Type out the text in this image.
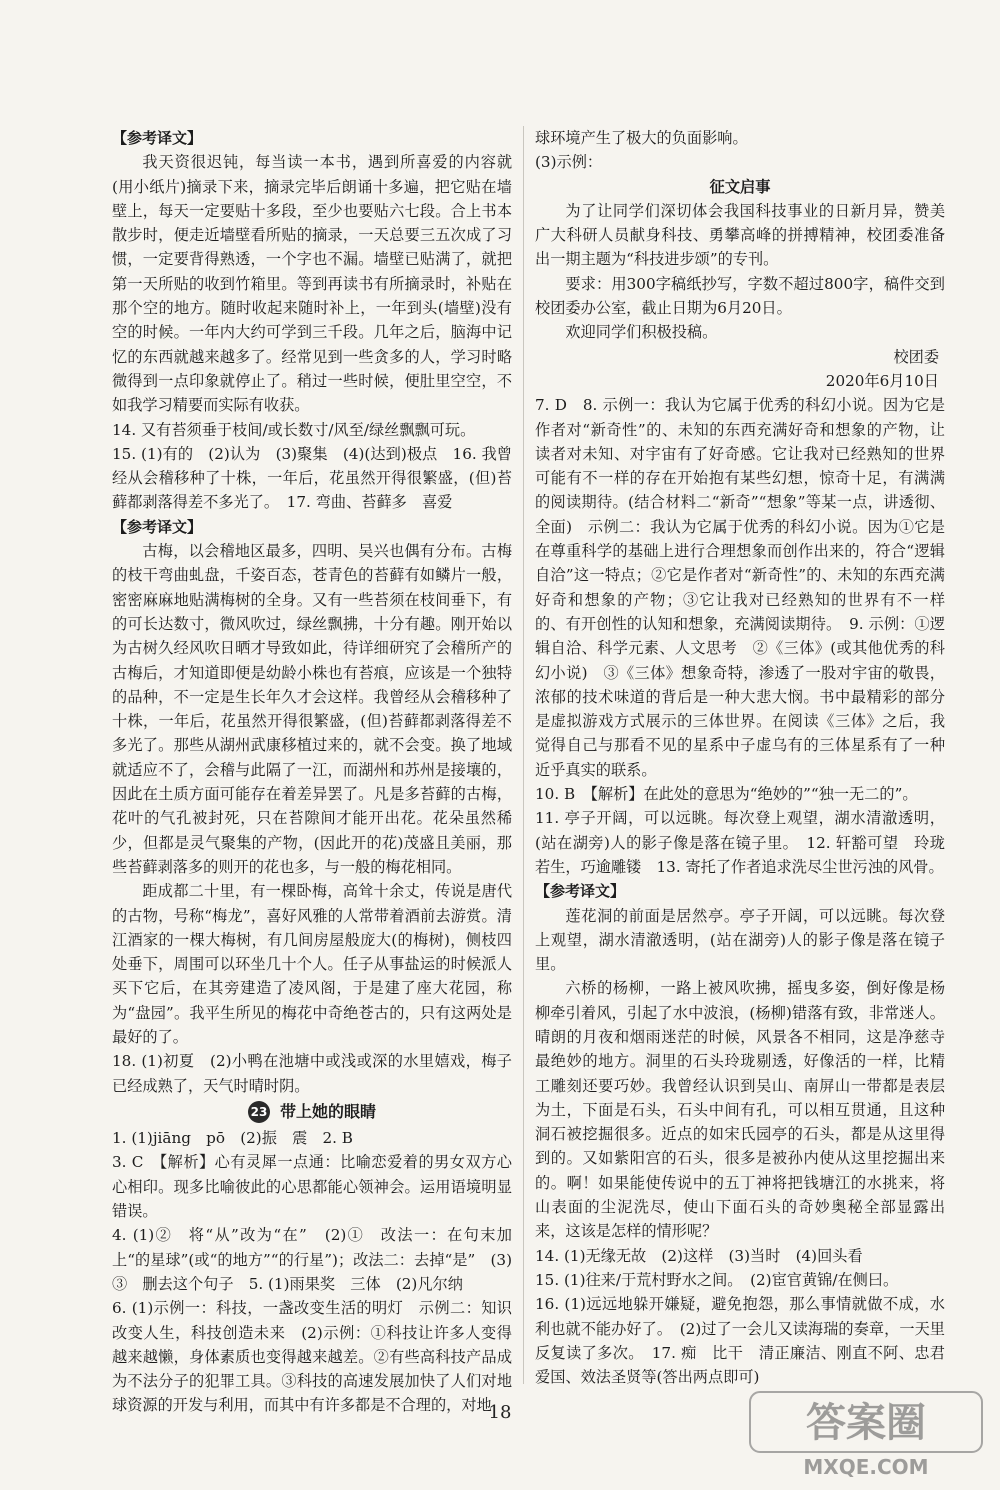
【参考译文】

我天资很迟钝，每当读一本书，遇到所喜爱的内容就(用小纸片)摘录下来，摘录完毕后朗诵十多遍，把它贴在墙壁上，每天一定要贴十多段，至少也要贴六七段。合上书本散步时，便走近墙壁看所贴的摘录，一天总要三五次成了习惯，一定要背得熟透，一个字也不漏。墙壁已贴满了，就把第一天所贴的收到竹箱里。等到再读书有所摘录时，补贴在那个空的地方。随时收起来随时补上，一年到头(墙壁)没有空的时候。一年内大约可学到三千段。几年之后，脑海中记忆的东西就越来越多了。经常见到一些贪多的人，学习时略微得到一点印象就停止了。稍过一些时候，便肚里空空，不如我学习精要而实际有收获。

14. 又有苔须垂于枝间/或长数寸/风至/绿丝飘飘可玩。

15. (1)有的　(2)认为　(3)聚集　(4)(达到)极点　16. 我曾经从会稽移种了十株，一年后，花虽然开得很繁盛，(但)苔藓都剥落得差不多光了。　17. 弯曲、苔藓多　喜爱

【参考译文】

古梅，以会稽地区最多，四明、吴兴也偶有分布。古梅的枝干弯曲虬盘，千姿百态，苍青色的苔藓有如鳞片一般，密密麻麻地贴满梅树的全身。又有一些苔须在枝间垂下，有的可长达数寸，微风吹过，绿丝飘拂，十分有趣。刚开始以为古树久经风吹日晒才导致如此，待详细研究了会稽所产的古梅后，才知道即便是幼龄小株也有苔痕，应该是一个独特的品种，不一定是生长年久才会这样。我曾经从会稽移种了十株，一年后，花虽然开得很繁盛，(但)苔藓都剥落得差不多光了。那些从湖州武康移植过来的，就不会变。换了地域就适应不了，会稽与此隔了一江，而湖州和苏州是接壤的，因此在土质方面可能存在着差异罢了。凡是多苔藓的古梅，花叶的气孔被封死，只在苔隙间才能开出花。花朵虽然稀少，但都是灵气聚集的产物，(因此开的花)茂盛且美丽，那些苔藓剥落多的则开的花也多，与一般的梅花相同。

距成都二十里，有一棵卧梅，高耸十余丈，传说是唐代的古物，号称“梅龙”，喜好风雅的人常带着酒前去游赏。清江酒家的一棵大梅树，有几间房屋般庞大(的梅树)，侧枝四处垂下，周围可以环坐几十个人。任子从事盐运的时候派人买下它后，在其旁建造了凌风阁，于是建了座大花园，称为“盘园”。我平生所见的梅花中奇绝苍古的，只有这两处是最好的了。

18. (1)初夏　(2)小鸭在池塘中或浅或深的水里嬉戏，梅子已经成熟了，天气时晴时阴。

23 带上她的眼睛

1. (1)jiāng　pō　(2)振　震　2. B

3. C　【解析】心有灵犀一点通：比喻恋爱着的男女双方心心相印。现多比喻彼此的心思都能心领神会。运用语境明显错误。

4. (1)②　将“从”改为“在”　(2)①　改法一：在句末加上“的星球”(或“的地方”“的行星”)；改法二：去掉“是”　(3)③　删去这个句子　5. (1)雨果奖　三体　(2)凡尔纳

6. (1)示例一：科技，一盏改变生活的明灯　示例二：知识改变人生，科技创造未来　(2)示例：①科技让许多人变得越来越懒，身体素质也变得越来越差。②有些高科技产品成为不法分子的犯罪工具。③科技的高速发展加快了人们对地球资源的开发与利用，而其中有许多都是不合理的，对地

球环境产生了极大的负面影响。

(3)示例：

征文启事

为了让同学们深切体会我国科技事业的日新月异，赞美广大科研人员献身科技、勇攀高峰的拼搏精神，校团委准备出一期主题为“科技进步颂”的专刊。

要求：用300字稿纸抄写，字数不超过800字，稿件交到校团委办公室，截止日期为6月20日。

欢迎同学们积极投稿。

校团委

2020年6月10日

7. D　8. 示例一：我认为它属于优秀的科幻小说。因为它是作者对“新奇性”的、未知的东西充满好奇和想象的产物，让读者对未知、对宇宙有了好奇感。它让我对已经熟知的世界可能有不一样的存在开始抱有某些幻想，惊奇十足，有满满的阅读期待。(结合材料二“新奇”“想象”等某一点，讲透彻、全面)　示例二：我认为它属于优秀的科幻小说。因为①它是在尊重科学的基础上进行合理想象而创作出来的，符合“逻辑自洽”这一特点；②它是作者对“新奇性”的、未知的东西充满好奇和想象的产物；③它让我对已经熟知的世界有不一样的、有开创性的认知和想象，充满阅读期待。　9. 示例：①逻辑自洽、科学元素、人文思考　②《三体》(或其他优秀的科幻小说)　③《三体》想象奇特，渗透了一股对宇宙的敬畏，浓郁的技术味道的背后是一种大悲大悯。书中最精彩的部分是虚拟游戏方式展示的三体世界。在阅读《三体》之后，我觉得自己与那看不见的星系中子虚乌有的三体星系有了一种近乎真实的联系。

10. B　【解析】在此处的意思为“绝妙的”“独一无二的”。

11. 亭子开阔，可以远眺。每次登上观望，湖水清澈透明，(站在湖旁)人的影子像是落在镜子里。　12. 轩豁可望　玲珑若生，巧逾雕镂　13. 寄托了作者追求洗尽尘世污浊的风骨。

【参考译文】

莲花洞的前面是居然亭。亭子开阔，可以远眺。每次登上观望，湖水清澈透明，(站在湖旁)人的影子像是落在镜子里。

六桥的杨柳，一路上被风吹拂，摇曳多姿，倒好像是杨柳牵引着风，引起了水中波浪，(杨柳)错落有致，非常迷人。晴朗的月夜和烟雨迷茫的时候，风景各不相同，这是净慈寺最绝妙的地方。洞里的石头玲珑剔透，好像活的一样，比精工雕刻还要巧妙。我曾经认识到吴山、南屏山一带都是表层为土，下面是石头，石头中间有孔，可以相互贯通，且这种洞石被挖掘很多。近点的如宋氏园亭的石头，都是从这里得到的。又如紫阳宫的石头，很多是被孙内使从这里挖掘出来的。啊！如果能使传说中的五丁神将把钱塘江的水挑来，将山表面的尘泥洗尽，使山下面石头的奇妙奥秘全部显露出来，这该是怎样的情形呢？

14. (1)无缘无故　(2)这样　(3)当时　(4)回头看

15. (1)往来/于荒村野水之间。　(2)宦官黄锦/在侧曰。

16. (1)远远地躲开嫌疑，避免抱怨，那么事情就做不成，水利也就不能办好了。　(2)过了一会儿又读海瑞的奏章，一天里反复读了多次。　17. 痴　比干　清正廉洁、刚直不阿、忠君爱国、效法圣贤等(答出两点即可)

18	答案圈
MXQE.COM
